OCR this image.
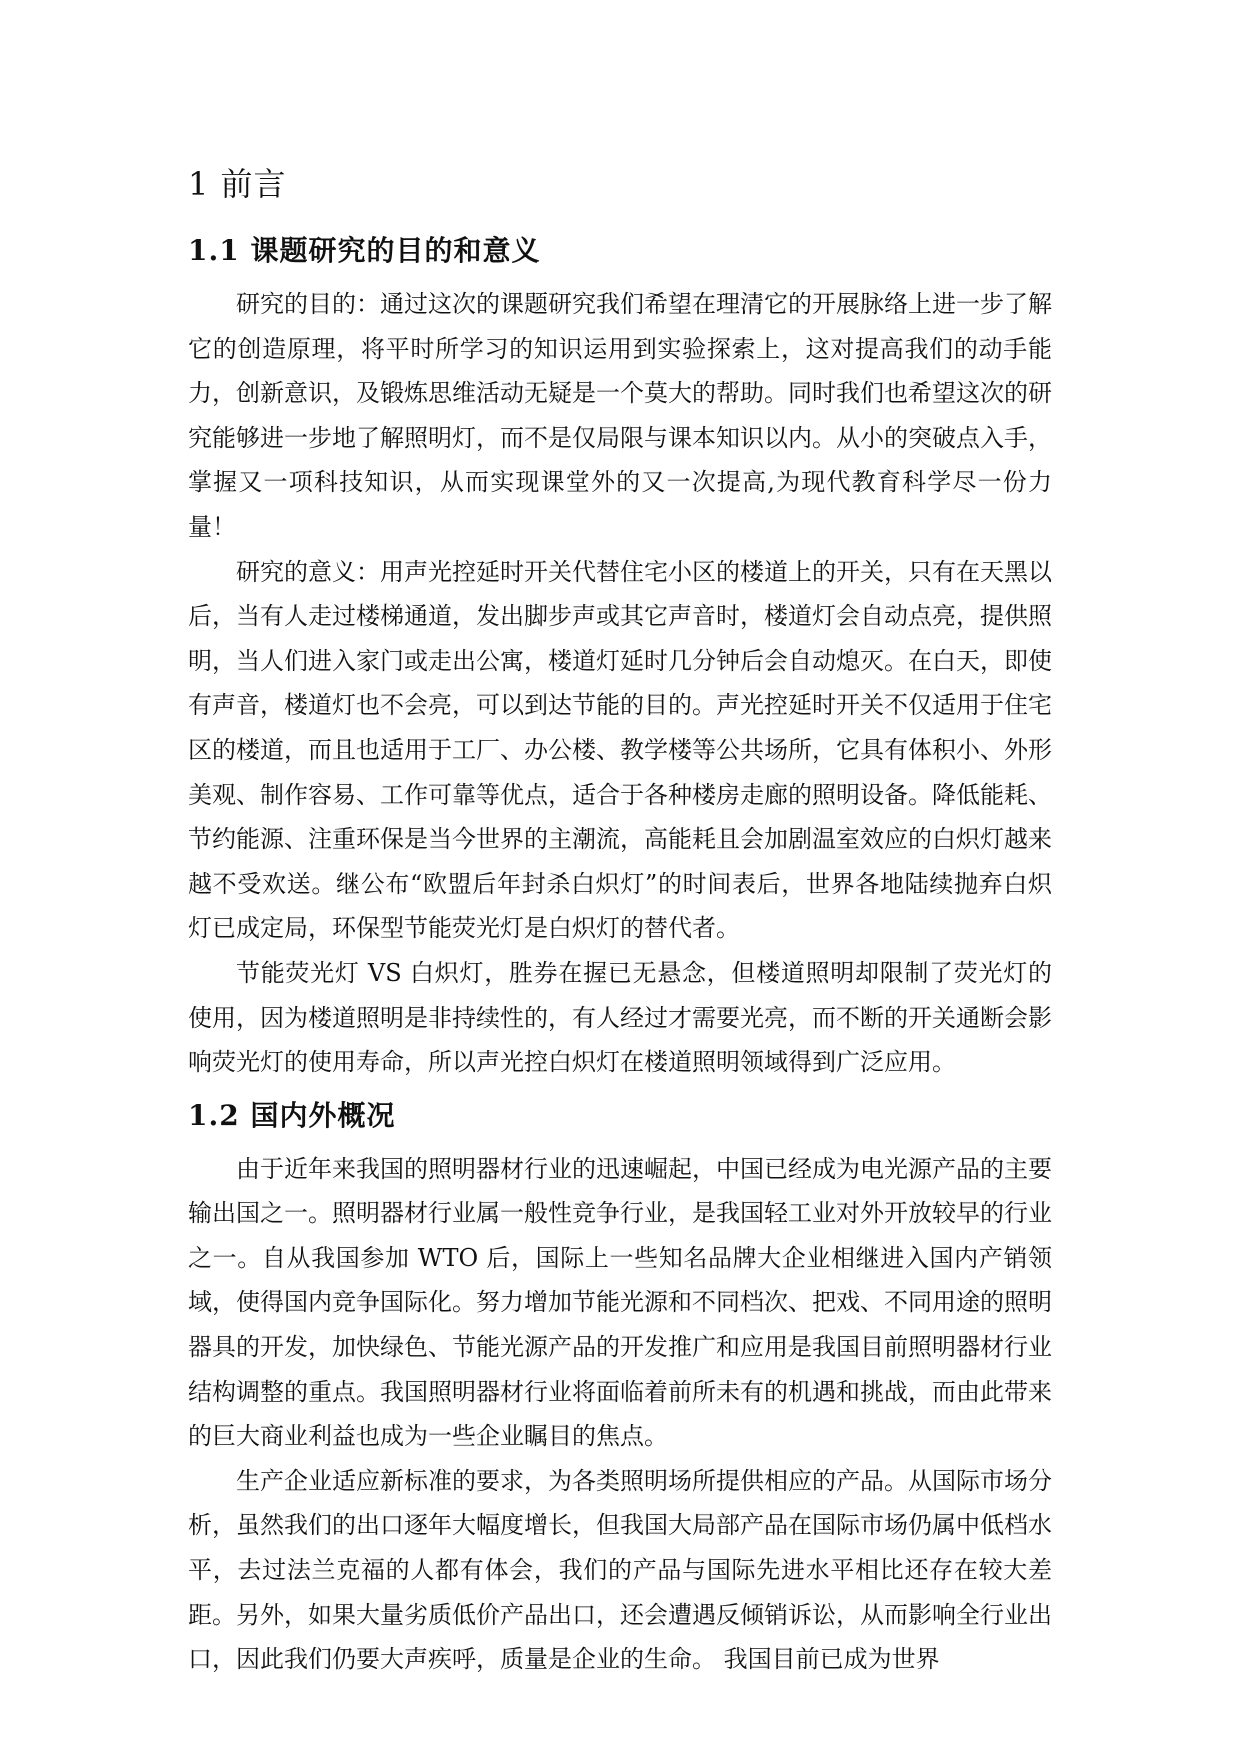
1 前言
1.1 课题研究的目的和意义

研究的目的：通过这次的课题研究我们希望在理清它的开展脉络上进一步了解它的创造原理，将平时所学习的知识运用到实验探索上，这对提高我们的动手能力，创新意识，及锻炼思维活动无疑是一个莫大的帮助。同时我们也希望这次的研究能够进一步地了解照明灯，而不是仅局限与课本知识以内。从小的突破点入手，掌握又一项科技知识，从而实现课堂外的又一次提高,为现代教育科学尽一份力量！

研究的意义：用声光控延时开关代替住宅小区的楼道上的开关，只有在天黑以后，当有人走过楼梯通道，发出脚步声或其它声音时，楼道灯会自动点亮，提供照明，当人们进入家门或走出公寓，楼道灯延时几分钟后会自动熄灭。在白天，即使有声音，楼道灯也不会亮，可以到达节能的目的。声光控延时开关不仅适用于住宅区的楼道，而且也适用于工厂、办公楼、教学楼等公共场所，它具有体积小、外形美观、制作容易、工作可靠等优点，适合于各种楼房走廊的照明设备。降低能耗、节约能源、注重环保是当今世界的主潮流，高能耗且会加剧温室效应的白炽灯越来越不受欢送。继公布“欧盟后年封杀白炽灯”的时间表后，世界各地陆续抛弃白炽灯已成定局，环保型节能荧光灯是白炽灯的替代者。

节能荧光灯 VS 白炽灯，胜券在握已无悬念，但楼道照明却限制了荧光灯的使用，因为楼道照明是非持续性的，有人经过才需要光亮，而不断的开关通断会影响荧光灯的使用寿命，所以声光控白炽灯在楼道照明领域得到广泛应用。

1.2 国内外概况

由于近年来我国的照明器材行业的迅速崛起，中国已经成为电光源产品的主要输出国之一。照明器材行业属一般性竞争行业，是我国轻工业对外开放较早的行业之一。自从我国参加 WTO 后，国际上一些知名品牌大企业相继进入国内产销领域，使得国内竞争国际化。努力增加节能光源和不同档次、把戏、不同用途的照明器具的开发，加快绿色、节能光源产品的开发推广和应用是我国目前照明器材行业结构调整的重点。我国照明器材行业将面临着前所未有的机遇和挑战，而由此带来的巨大商业利益也成为一些企业瞩目的焦点。

生产企业适应新标准的要求，为各类照明场所提供相应的产品。从国际市场分析，虽然我们的出口逐年大幅度增长，但我国大局部产品在国际市场仍属中低档水平，去过法兰克福的人都有体会，我们的产品与国际先进水平相比还存在较大差距。另外，如果大量劣质低价产品出口，还会遭遇反倾销诉讼，从而影响全行业出口，因此我们仍要大声疾呼，质量是企业的生命。 我国目前已成为世界
